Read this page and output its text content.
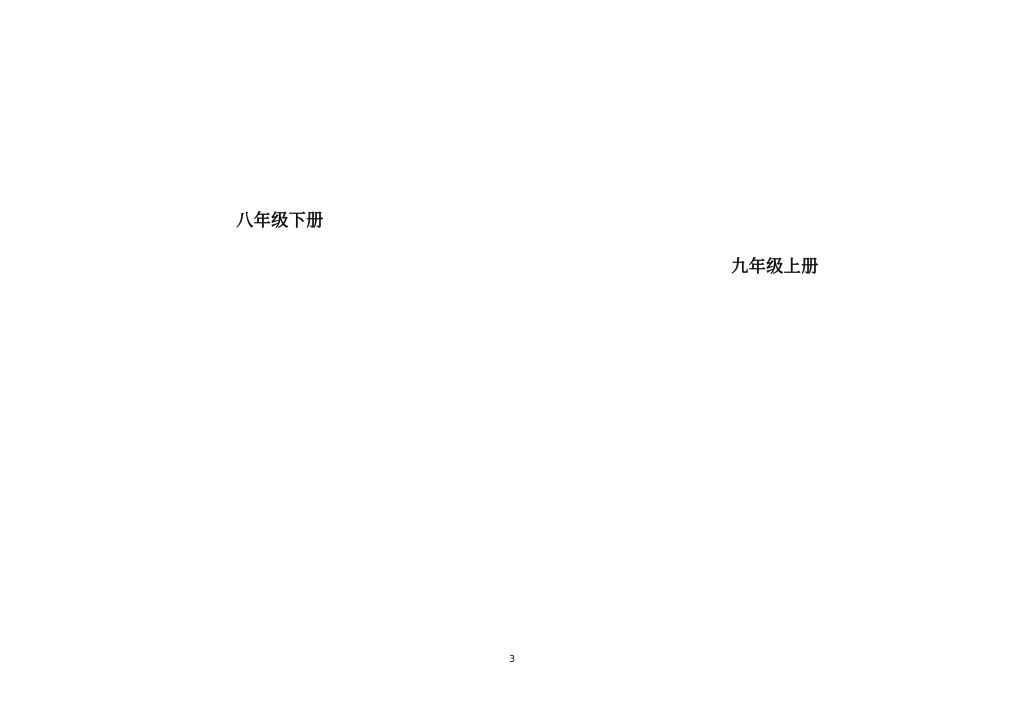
八年级下册
九年级上册
3
